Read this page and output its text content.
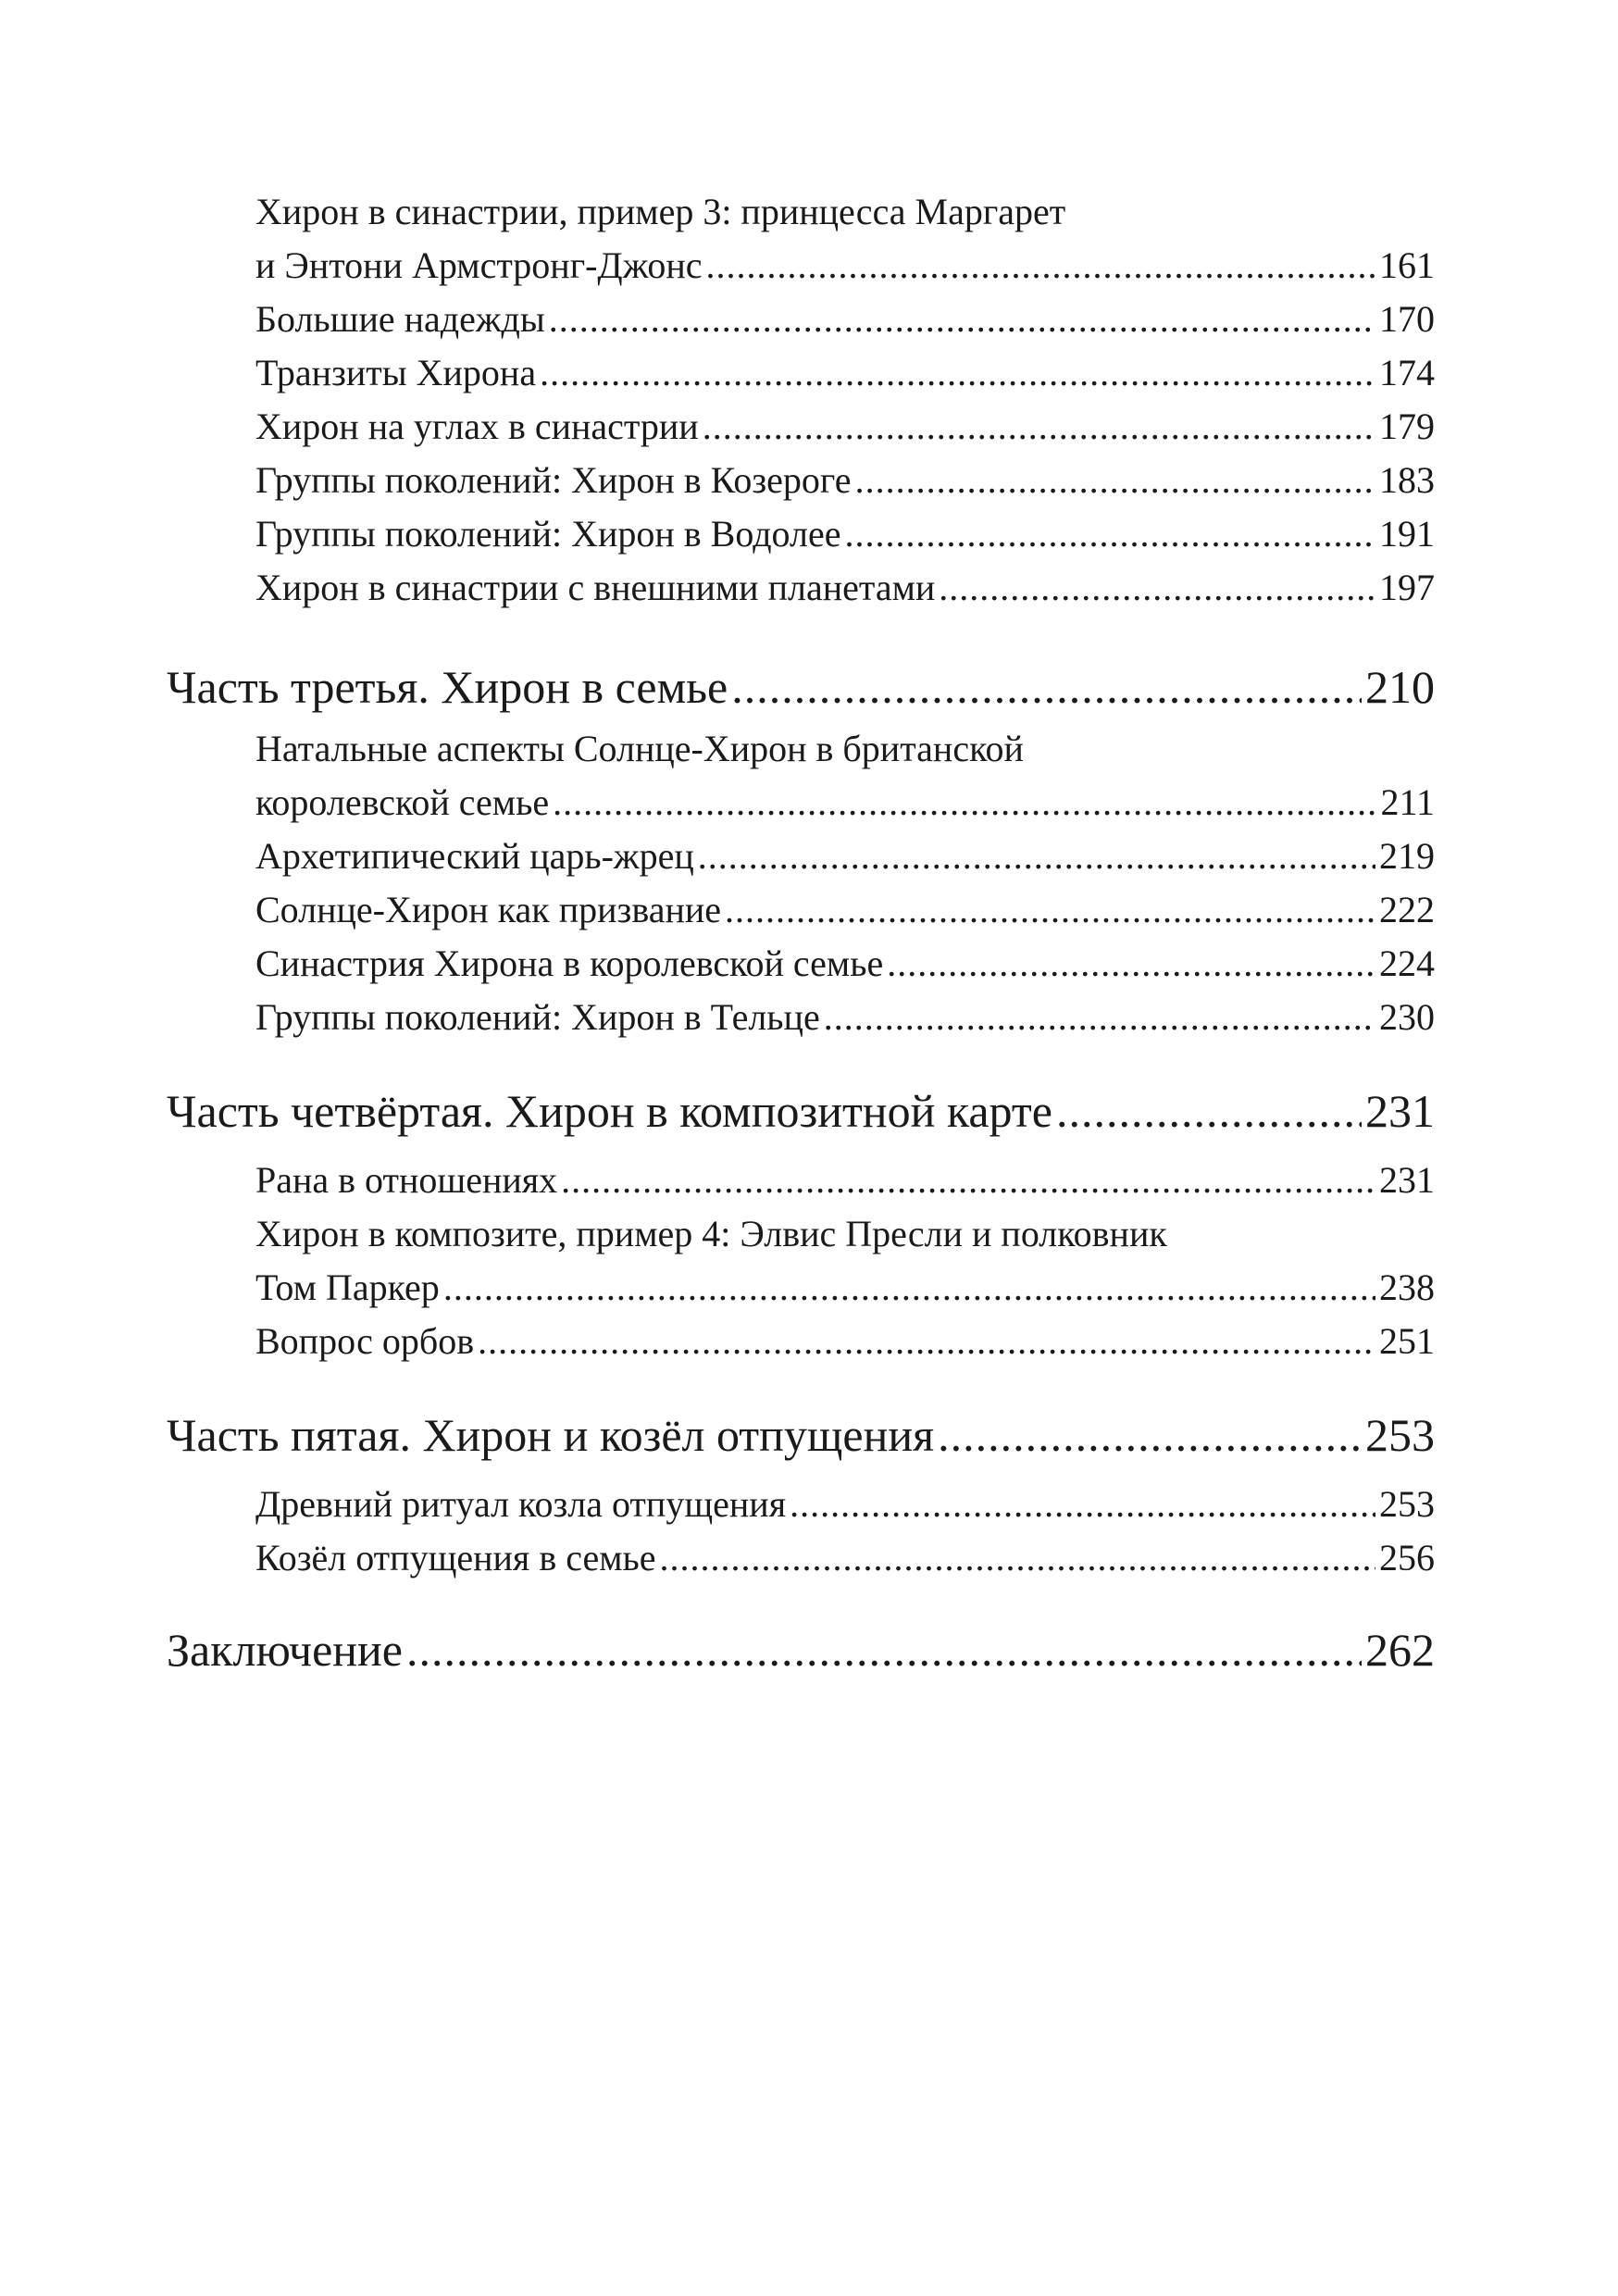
Хирон в синастрии, пример 3: принцесса Маргарет
и Энтони Армстронг-Джонс .....	161
Большие надежды .....	170
Транзиты Хирона .....	174
Хирон на углах в синастрии .....	179
Группы поколений: Хирон в Козероге .....	183
Группы поколений: Хирон в Водолее .....	191
Хирон в синастрии с внешними планетами .....	197
Часть третья. Хирон в семье .....	210
Натальные аспекты Солнце-Хирон в британской
королевской семье .....	211
Архетипический царь-жрец .....	219
Солнце-Хирон как призвание .....	222
Синастрия Хирона в королевской семье .....	224
Группы поколений: Хирон в Тельце .....	230
Часть четвёртая. Хирон в композитной карте .....	231
Рана в отношениях .....	231
Хирон в композите, пример 4: Элвис Пресли и полковник
Том Паркер .....	238
Вопрос орбов .....	251
Часть пятая. Хирон и козёл отпущения .....	253
Древний ритуал козла отпущения .....	253
Козёл отпущения в семье .....	256
Заключение .....	262
